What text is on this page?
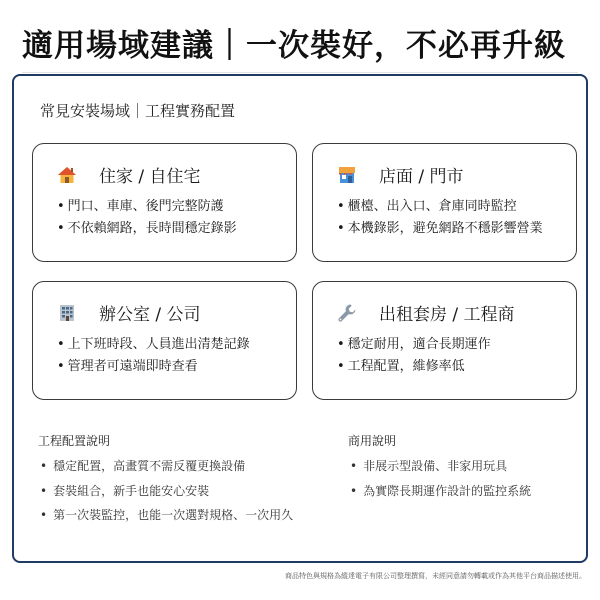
適用場域建議｜一次裝好，不必再升級
常見安裝場域｜工程實務配置
住家 / 自住宅
• 門口、車庫、後門完整防護
• 不依賴網路，長時間穩定錄影
店面 / 門市
• 櫃檯、出入口、倉庫同時監控
• 本機錄影，避免網路不穩影響營業
辦公室 / 公司
• 上下班時段、人員進出清楚記錄
• 管理者可遠端即時查看
出租套房 / 工程商
• 穩定耐用，適合長期運作
• 工程配置，維修率低
工程配置說明
• 穩定配置，高畫質不需反覆更換設備
• 套裝組合，新手也能安心安裝
• 第一次裝監控，也能一次選對規格、一次用久
商用說明
• 非展示型設備、非家用玩具
• 為實際長期運作設計的監控系統
商品特色與規格為縱達電子有限公司整理撰寫，未經同意請勿轉載或作為其他平台商品描述使用。
